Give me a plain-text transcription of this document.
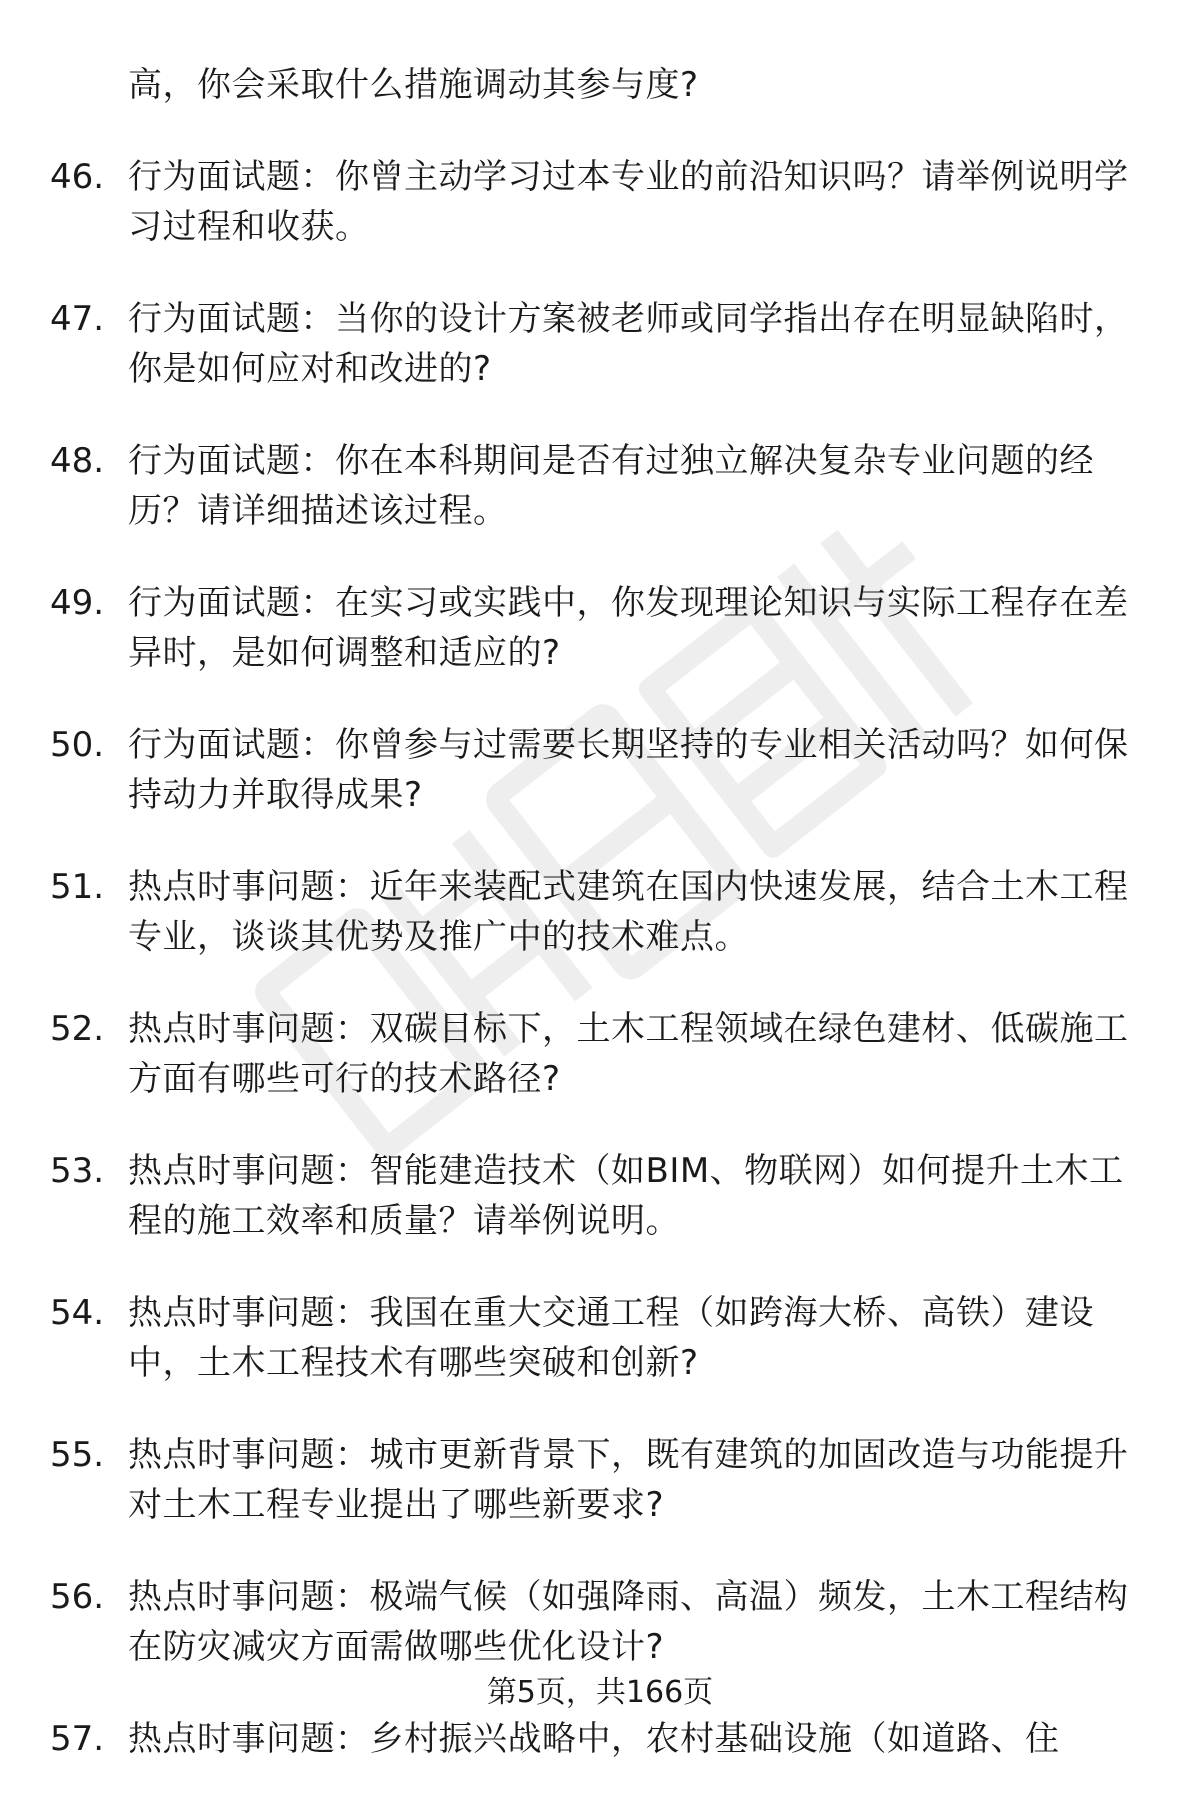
高，你会采取什么措施调动其参与度?
46. 行为面试题：你曾主动学习过本专业的前沿知识吗？请举例说明学习过程和收获。
47. 行为面试题：当你的设计方案被老师或同学指出存在明显缺陷时，你是如何应对和改进的?
48. 行为面试题：你在本科期间是否有过独立解决复杂专业问题的经历？请详细描述该过程。
49. 行为面试题：在实习或实践中，你发现理论知识与实际工程存在差异时，是如何调整和适应的?
50. 行为面试题：你曾参与过需要长期坚持的专业相关活动吗？如何保持动力并取得成果?
51. 热点时事问题：近年来装配式建筑在国内快速发展，结合土木工程专业，谈谈其优势及推广中的技术难点。
52. 热点时事问题：双碳目标下，土木工程领域在绿色建材、低碳施工方面有哪些可行的技术路径?
53. 热点时事问题：智能建造技术（如BIM、物联网）如何提升土木工程的施工效率和质量？请举例说明。
54. 热点时事问题：我国在重大交通工程（如跨海大桥、高铁）建设中，土木工程技术有哪些突破和创新?
55. 热点时事问题：城市更新背景下，既有建筑的加固改造与功能提升对土木工程专业提出了哪些新要求?
56. 热点时事问题：极端气候（如强降雨、高温）频发，土木工程结构在防灾减灾方面需做哪些优化设计?
57. 热点时事问题：乡村振兴战略中，农村基础设施（如道路、住
第5页，共166页
